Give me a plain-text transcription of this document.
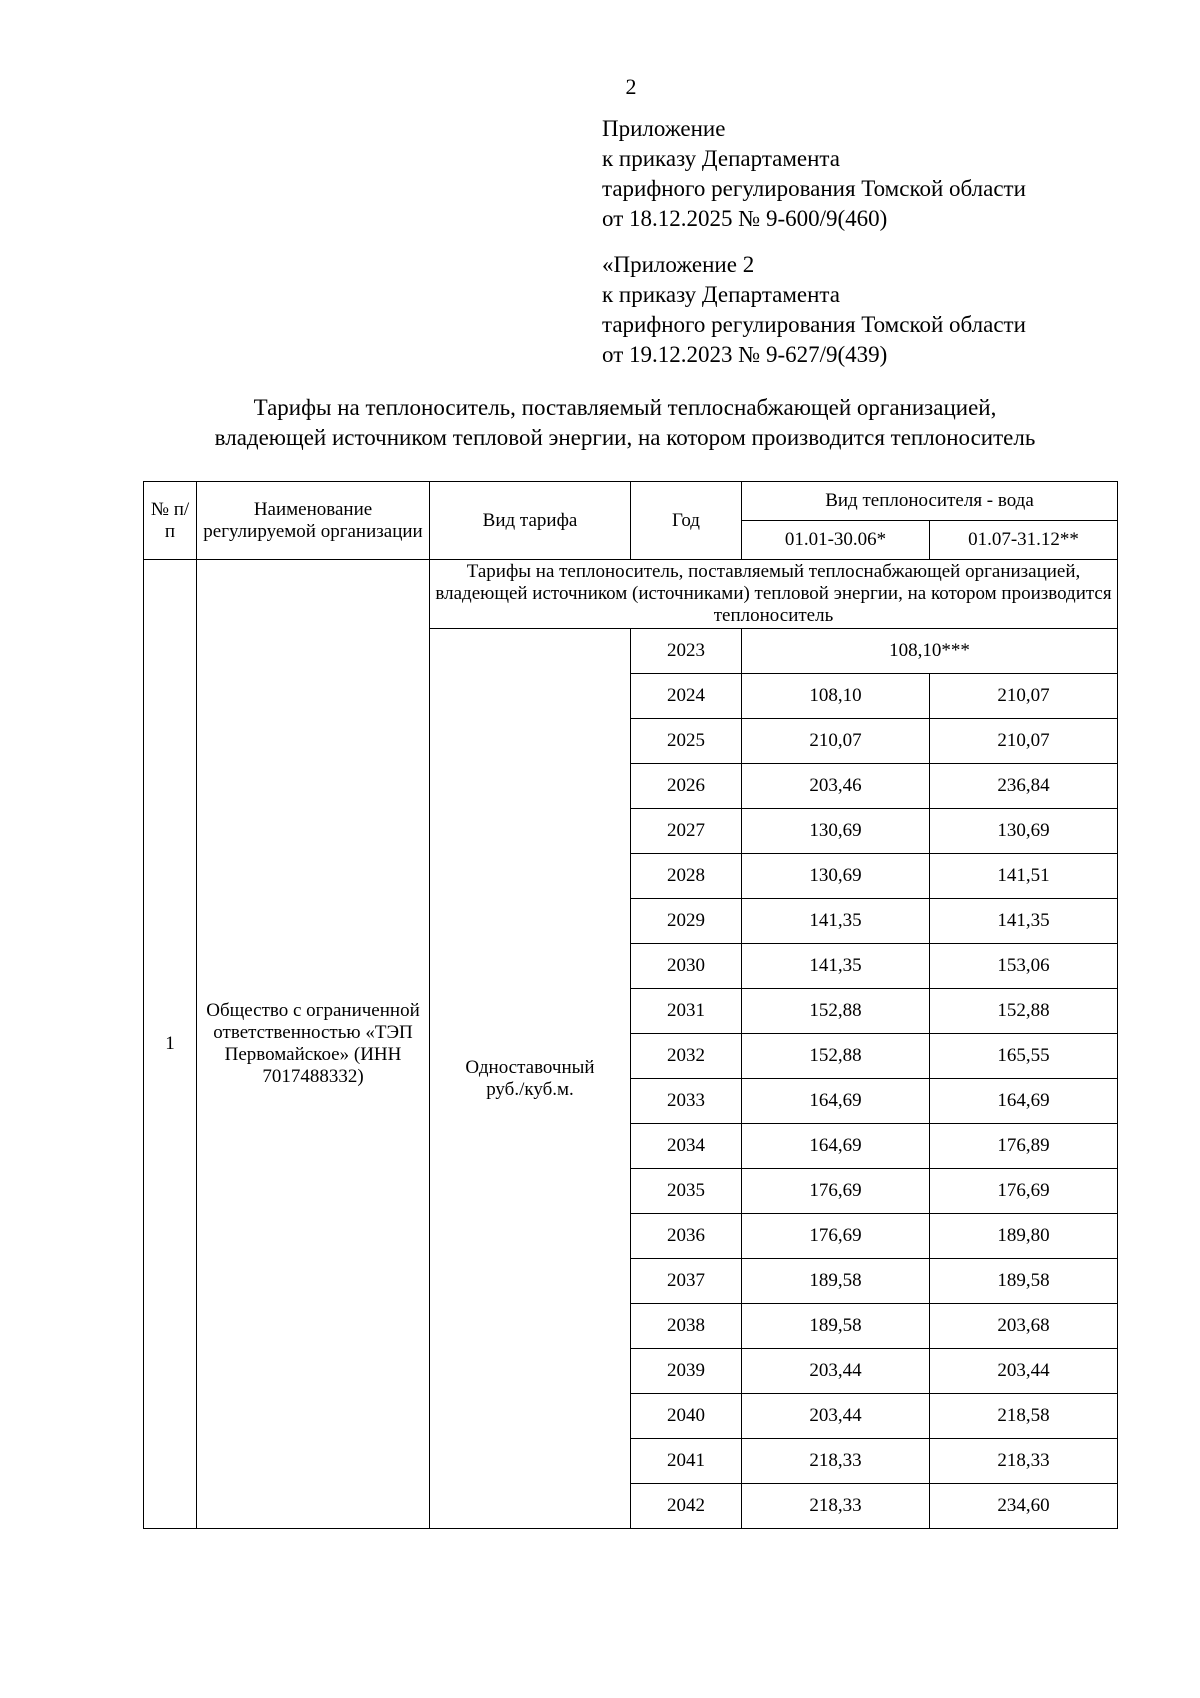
2
Приложение
к приказу Департамента
тарифного регулирования Томской области
от 18.12.2025 № 9-600/9(460)
«Приложение 2
к приказу Департамента
тарифного регулирования Томской области
от 19.12.2023 № 9-627/9(439)
Тарифы на теплоноситель, поставляемый теплоснабжающей организацией,
владеющей источником тепловой энергии, на котором производится теплоноситель
№ п/п	Наименование регулируемой организации	Вид тарифа	Год	Вид теплоносителя - вода	
				01.01-30.06*	01.07-31.12**
1	Общество с ограниченной ответственностью «ТЭП Первомайское» (ИНН 7017488332)	Тарифы на теплоноситель, поставляемый теплоснабжающей организацией, владеющей источником (источниками) тепловой энергии, на котором производится теплоноситель			

		Одноставочный
руб./куб.м.	2023	108,10***	
			2024	108,10	210,07
			2025	210,07	210,07
			2026	203,46	236,84
			2027	130,69	130,69
			2028	130,69	141,51
			2029	141,35	141,35
			2030	141,35	153,06
			2031	152,88	152,88
			2032	152,88	165,55
			2033	164,69	164,69
			2034	164,69	176,89
			2035	176,69	176,69
			2036	176,69	189,80
			2037	189,58	189,58
			2038	189,58	203,68
			2039	203,44	203,44
			2040	203,44	218,58
			2041	218,33	218,33
			2042	218,33	234,60
